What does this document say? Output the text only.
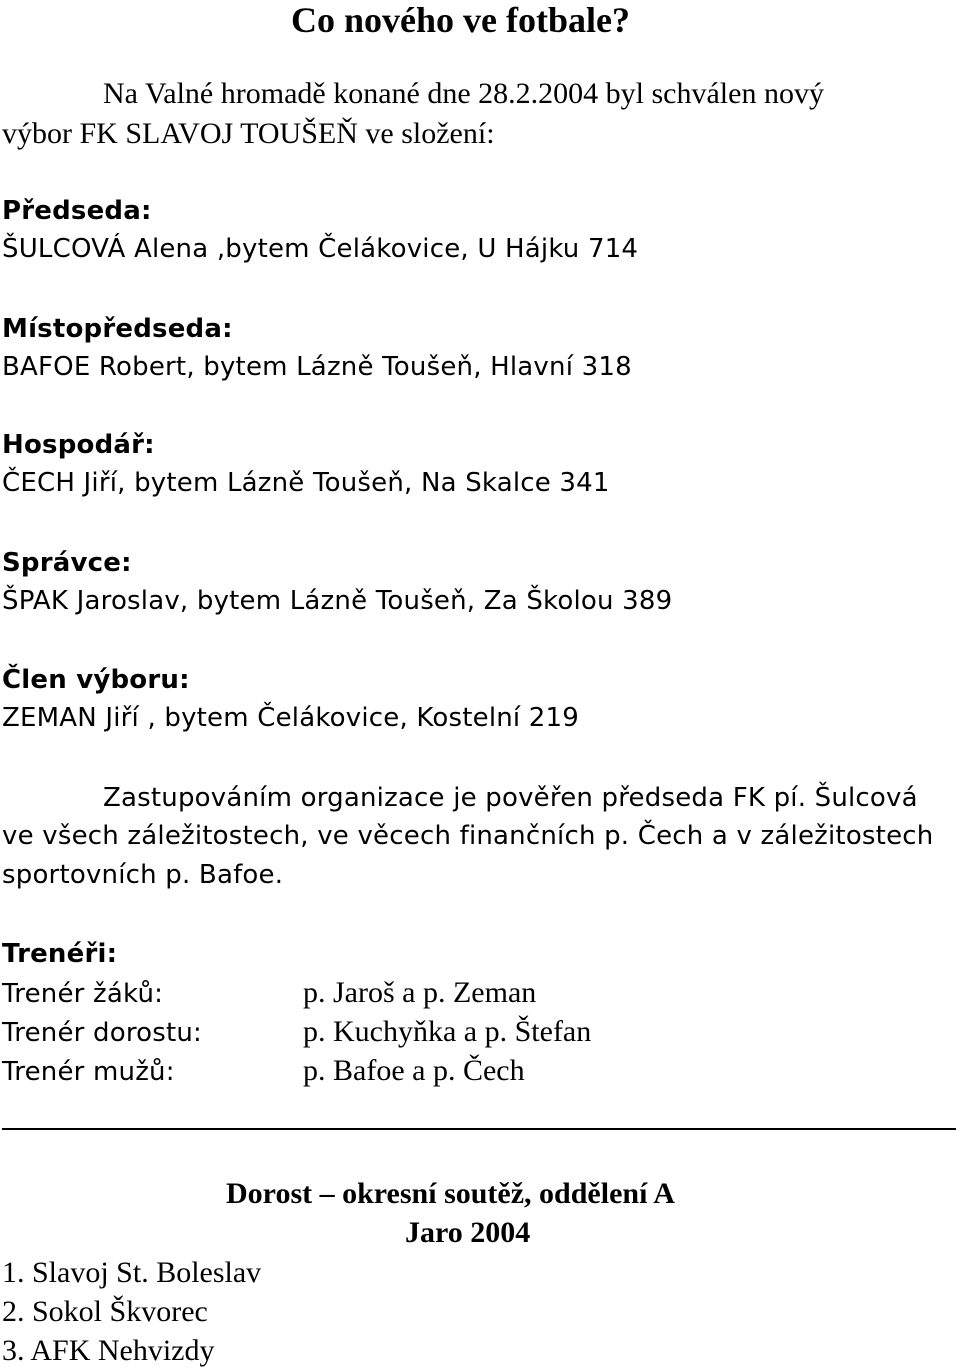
Co nového ve fotbale?
Na Valné hromadě konané dne 28.2.2004 byl schválen nový
výbor FK SLAVOJ TOUŠEŇ ve složení:
Předseda:
ŠULCOVÁ Alena ,bytem Čelákovice, U Hájku 714
Místopředseda:
BAFOE Robert, bytem Lázně Toušeň, Hlavní 318
Hospodář:
ČECH Jiří, bytem Lázně Toušeň, Na Skalce 341
Správce:
ŠPAK Jaroslav, bytem Lázně Toušeň, Za Školou 389
Člen výboru:
ZEMAN Jiří , bytem Čelákovice, Kostelní 219
Zastupováním organizace je pověřen předseda FK pí. Šulcová
ve všech záležitostech, ve věcech finančních p. Čech a v záležitostech
sportovních p. Bafoe.
Trenéři:
Trenér žáků:	p. Jaroš a p. Zeman
Trenér dorostu:	p. Kuchyňka a p. Štefan
Trenér mužů:	p. Bafoe a p. Čech
Dorost – okresní soutěž, oddělení A
Jaro 2004
1. Slavoj St. Boleslav
2. Sokol Škvorec
3. AFK Nehvizdy
